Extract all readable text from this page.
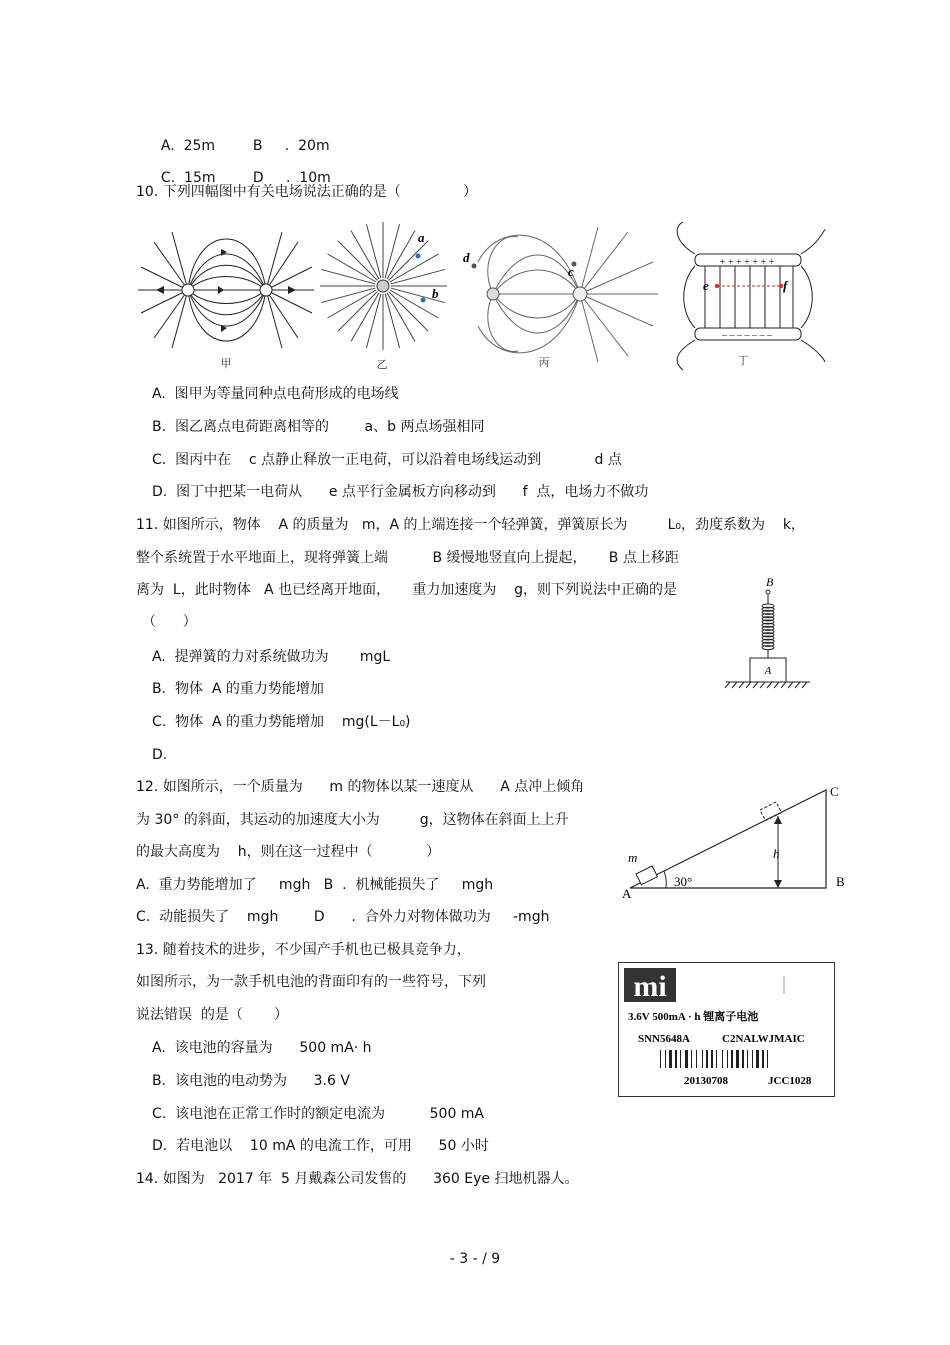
A. 25m	B .  20m

C. 15m	D .  10m

10. 下列四幅图中有关电场说法正确的是（              ）
甲
a
b
乙
c
d
丙
e	f
+ + + + + + +
– – – – – – –
丁
A.  图甲为等量同种点电荷形成的电场线
B.  图乙离点电荷距离相等的        a、b 两点场强相同
C.  图丙中在    c 点静止释放一正电荷，可以沿着电场线运动到            d 点
D.  图丁中把某一电荷从      e 点平行金属板方向移动到      f  点，电场力不做功
11. 如图所示，物体    A 的质量为   m，A 的上端连接一个轻弹簧，弹簧原长为         L₀，劲度系数为    k，
整个系统置于水平地面上，现将弹簧上端          B 缓慢地竖直向上提起，     B 点上移距
离为  L，此时物体   A 也已经离开地面，     重力加速度为    g，则下列说法中正确的是
（      ）
A.  提弹簧的力对系统做功为       mgL
B.  物体  A 的重力势能增加
C.  物体  A 的重力势能增加    mg(L－L₀)
D.
B
A
12. 如图所示，一个质量为      m 的物体以某一速度从      A 点冲上倾角
为 30° 的斜面，其运动的加速度大小为         g，这物体在斜面上上升
的最大高度为    h，则在这一过程中（            ）
A.  重力势能增加了     mgh   B  .  机械能损失了     mgh
C.  动能损失了    mgh        D      .  合外力对物体做功为     -mgh
m	h
30°
A
B
C
13. 随着技术的进步，不少国产手机也已极具竞争力，
如图所示，为一款手机电池的背面印有的一些符号，下列
说法错误  的是（       ）
A.  该电池的容量为      500 mA· h
B.  该电池的电动势为      3.6 V
C.  该电池在正常工作时的额定电流为          500 mA
D.  若电池以    10 mA 的电流工作，可用      50 小时
mi
3.6V 500mA · h 锂离子电池
SNN5648A	C2NALWJMAIC
20130708	JCC1028
14. 如图为   2017 年  5 月戴森公司发售的      360 Eye 扫地机器人。
- 3 - / 9
